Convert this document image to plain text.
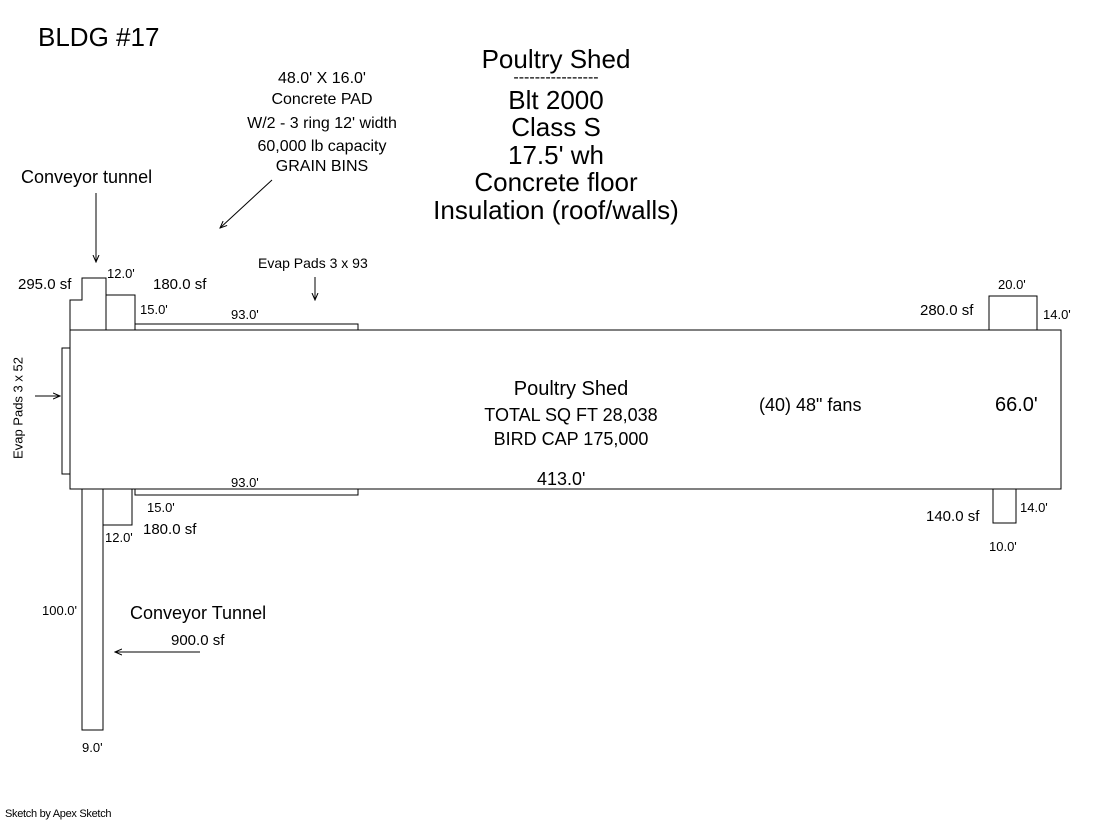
BLDG #17
Poultry Shed
----------------
Blt 2000
Class S
17.5' wh
Concrete floor
Insulation (roof/walls)
48.0' X 16.0'
Concrete PAD
W/2 - 3 ring 12' width
60,000 lb capacity
GRAIN BINS
Conveyor tunnel
295.0 sf
12.0'
180.0 sf
15.0'
Evap Pads 3 x 93
93.0'
20.0'
280.0 sf	14.0'
Evap Pads 3 x 52	Poultry Shed
TOTAL SQ FT 28,038
BIRD CAP 175,000
(40) 48" fans	66.0'
413.0'
93.0'
15.0'
180.0 sf
12.0'
14.0'
140.0 sf
10.0'
100.0'	Conveyor Tunnel
900.0 sf
9.0'
Sketch by Apex Sketch
